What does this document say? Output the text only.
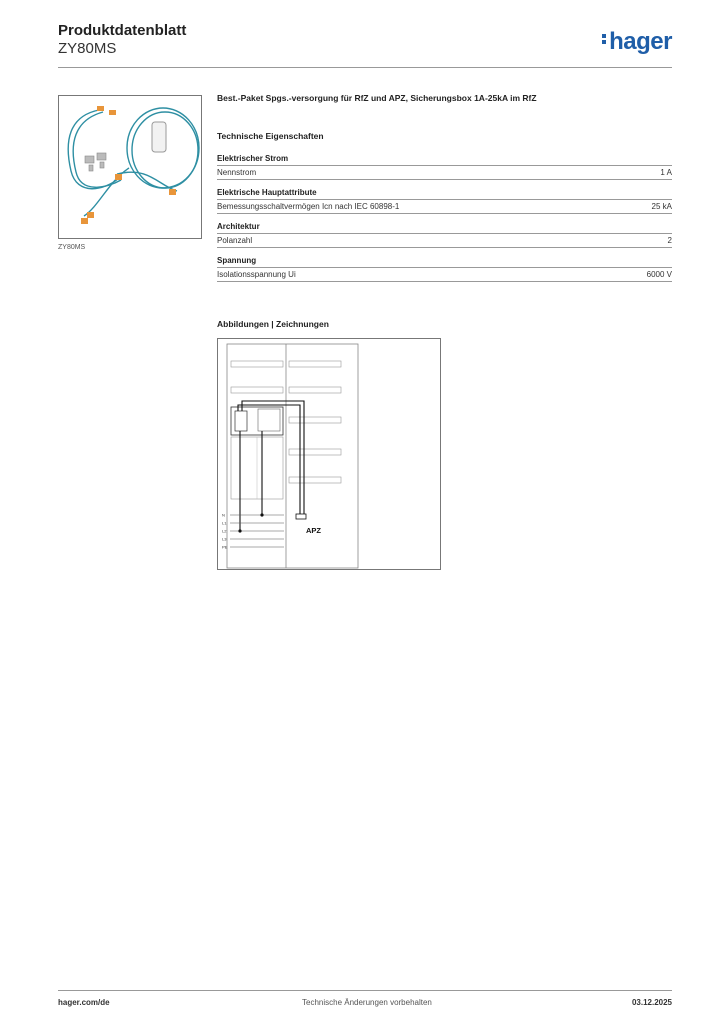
Produktdatenblatt
ZY80MS	hager
ZY80MS
Best.-Paket Spgs.-versorgung für RfZ und APZ, Sicherungsbox 1A-25kA im RfZ
Technische Eigenschaften
Elektrischer Strom
Nennstrom	1 A
Elektrische Hauptattribute
Bemessungsschaltvermögen Icn nach IEC 60898-1	25 kA
Architektur
Polanzahl	2
Spannung
Isolationsspannung Ui	6000 V
Abbildungen | Zeichnungen
N
L1
L2
L3
PE
APZ
hager.com/de	Technische Änderungen vorbehalten	03.12.2025
